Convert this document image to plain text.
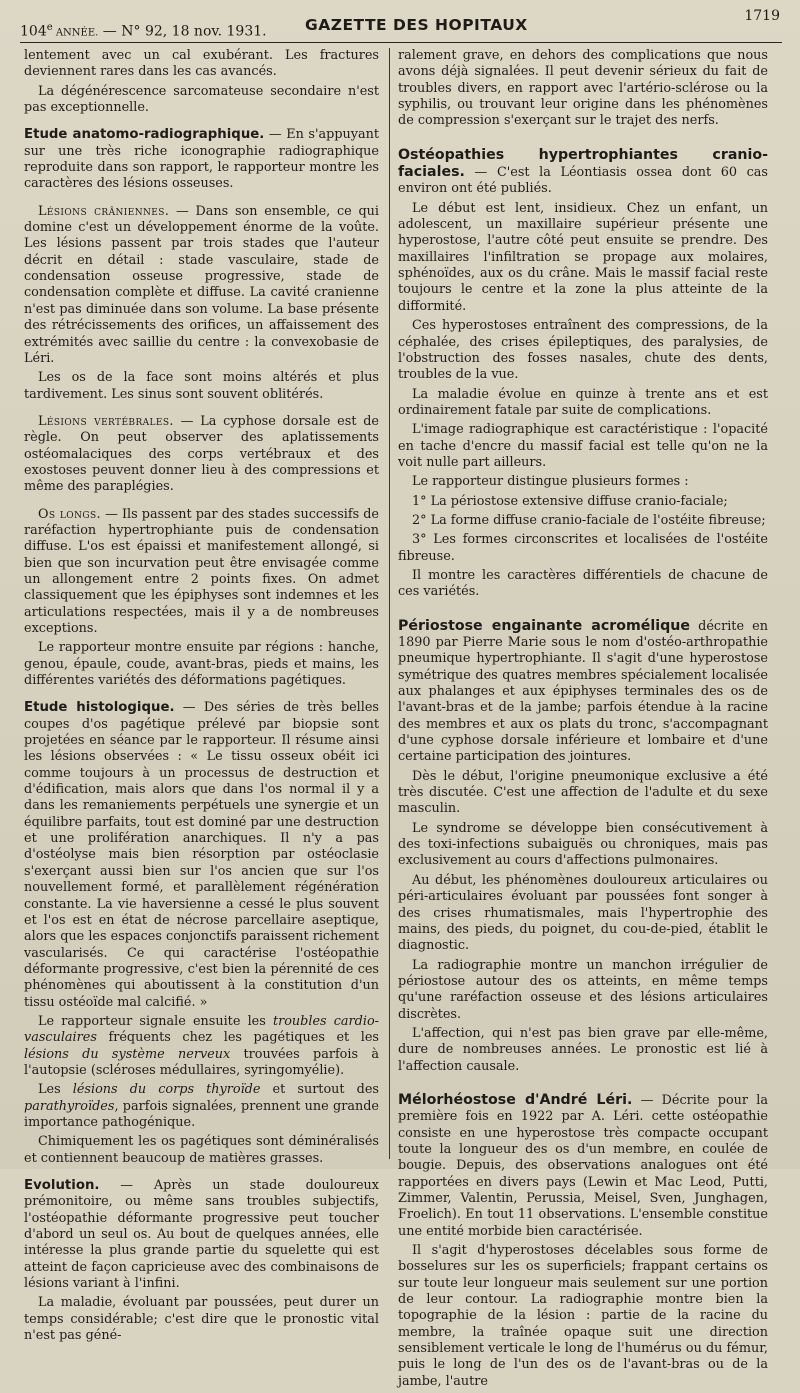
104e ANNÉE. — N° 92, 18 nov. 1931. GAZETTE DES HOPITAUX	1719

lentement avec un cal exubérant. Les fractures deviennent rares dans les cas avancés.

La dégénérescence sarcomateuse secondaire n'est pas exceptionnelle.

Etude anatomo-radiographique. — En s'appuyant sur une très riche iconographie radiographique reproduite dans son rapport, le rapporteur montre les caractères des lésions osseuses.

Lésions crâniennes. — Dans son ensemble, ce qui domine c'est un développement énorme de la voûte. Les lésions passent par trois stades que l'auteur décrit en détail : stade vasculaire, stade de condensation osseuse progressive, stade de condensation complète et diffuse. La cavité cranienne n'est pas diminuée dans son volume. La base présente des rétrécissements des orifices, un affaissement des extrémités avec saillie du centre : la convexobasie de Léri.

Les os de la face sont moins altérés et plus tardivement. Les sinus sont souvent oblitérés.

Lésions vertébrales. — La cyphose dorsale est de règle. On peut observer des aplatissements ostéomalaciques des corps vertébraux et des exostoses peuvent donner lieu à des compressions et même des paraplégies.

Os longs. — Ils passent par des stades successifs de raréfaction hypertrophiante puis de condensation diffuse. L'os est épaissi et manifestement allongé, si bien que son incurvation peut être envisagée comme un allongement entre 2 points fixes. On admet classiquement que les épiphyses sont indemnes et les articulations respectées, mais il y a de nombreuses exceptions.

Le rapporteur montre ensuite par régions : hanche, genou, épaule, coude, avant-bras, pieds et mains, les différentes variétés des déformations pagétiques.

Etude histologique. — Des séries de très belles coupes d'os pagétique prélevé par biopsie sont projetées en séance par le rapporteur. Il résume ainsi les lésions observées : « Le tissu osseux obéit ici comme toujours à un processus de destruction et d'édification, mais alors que dans l'os normal il y a dans les remaniements perpétuels une synergie et un équilibre parfaits, tout est dominé par une destruction et une prolifération anarchiques. Il n'y a pas d'ostéolyse mais bien résorption par ostéoclasie s'exerçant aussi bien sur l'os ancien que sur l'os nouvellement formé, et parallèlement régénération constante. La vie haversienne a cessé le plus souvent et l'os est en état de nécrose parcellaire aseptique, alors que les espaces conjonctifs paraissent richement vascularisés. Ce qui caractérise l'ostéopathie déformante progressive, c'est bien la pérennité de ces phénomènes qui aboutissent à la constitution d'un tissu ostéoïde mal calcifié. »

Le rapporteur signale ensuite les troubles cardio-vasculaires fréquents chez les pagétiques et les lésions du système nerveux trouvées parfois à l'autopsie (scléroses médullaires, syringomyélie).

Les lésions du corps thyroïde et surtout des parathyroïdes, parfois signalées, prennent une grande importance pathogénique.

Chimiquement les os pagétiques sont déminéralisés et contiennent beaucoup de matières grasses.

Evolution. — Après un stade douloureux prémonitoire, ou même sans troubles subjectifs, l'ostéopathie déformante progressive peut toucher d'abord un seul os. Au bout de quelques années, elle intéresse la plus grande partie du squelette qui est atteint de façon capricieuse avec des combinaisons de lésions variant à l'infini.

La maladie, évoluant par poussées, peut durer un temps considérable; c'est dire que le pronostic vital n'est pas géné-

ralement grave, en dehors des complications que nous avons déjà signalées. Il peut devenir sérieux du fait de troubles divers, en rapport avec l'artério-sclérose ou la syphilis, ou trouvant leur origine dans les phénomènes de compression s'exerçant sur le trajet des nerfs.

Ostéopathies hypertrophiantes cranio-faciales. — C'est la Léontiasis ossea dont 60 cas environ ont été publiés.

Le début est lent, insidieux. Chez un enfant, un adolescent, un maxillaire supérieur présente une hyperostose, l'autre côté peut ensuite se prendre. Des maxillaires l'infiltration se propage aux molaires, sphénoïdes, aux os du crâne. Mais le massif facial reste toujours le centre et la zone la plus atteinte de la difformité.

Ces hyperostoses entraînent des compressions, de la céphalée, des crises épileptiques, des paralysies, de l'obstruction des fosses nasales, chute des dents, troubles de la vue.

La maladie évolue en quinze à trente ans et est ordinairement fatale par suite de complications.

L'image radiographique est caractéristique : l'opacité en tache d'encre du massif facial est telle qu'on ne la voit nulle part ailleurs.

Le rapporteur distingue plusieurs formes :

1° La périostose extensive diffuse cranio-faciale;

2° La forme diffuse cranio-faciale de l'ostéite fibreuse;

3° Les formes circonscrites et localisées de l'ostéite fibreuse.

Il montre les caractères différentiels de chacune de ces variétés.

Périostose engainante acromélique décrite en 1890 par Pierre Marie sous le nom d'ostéo-arthropathie pneumique hypertrophiante. Il s'agit d'une hyperostose symétrique des quatres membres spécialement localisée aux phalanges et aux épiphyses terminales des os de l'avant-bras et de la jambe; parfois étendue à la racine des membres et aux os plats du tronc, s'accompagnant d'une cyphose dorsale inférieure et lombaire et d'une certaine participation des jointures.

Dès le début, l'origine pneumonique exclusive a été très discutée. C'est une affection de l'adulte et du sexe masculin.

Le syndrome se développe bien consécutivement à des toxi-infections subaiguës ou chroniques, mais pas exclusivement au cours d'affections pulmonaires.

Au début, les phénomènes douloureux articulaires ou péri-articulaires évoluant par poussées font songer à des crises rhumatismales, mais l'hypertrophie des mains, des pieds, du poignet, du cou-de-pied, établit le diagnostic.

La radiographie montre un manchon irrégulier de périostose autour des os atteints, en même temps qu'une raréfaction osseuse et des lésions articulaires discrètes.

L'affection, qui n'est pas bien grave par elle-même, dure de nombreuses années. Le pronostic est lié à l'affection causale.

Mélorhéostose d'André Léri. — Décrite pour la première fois en 1922 par A. Léri. cette ostéopathie consiste en une hyperostose très compacte occupant toute la longueur des os d'un membre, en coulée de bougie. Depuis, des observations analogues ont été rapportées en divers pays (Lewin et Mac Leod, Putti, Zimmer, Valentin, Perussia, Meisel, Sven, Junghagen, Froelich). En tout 11 observations. L'ensemble constitue une entité morbide bien caractérisée.

Il s'agit d'hyperostoses décelables sous forme de bosselures sur les os superficiels; frappant certains os sur toute leur longueur mais seulement sur une portion de leur contour. La radiographie montre bien la topographie de la lésion : partie de la racine du membre, la traînée opaque suit une direction sensiblement verticale le long de l'humérus ou du fémur, puis le long de l'un des os de l'avant-bras ou de la jambe, l'autre
